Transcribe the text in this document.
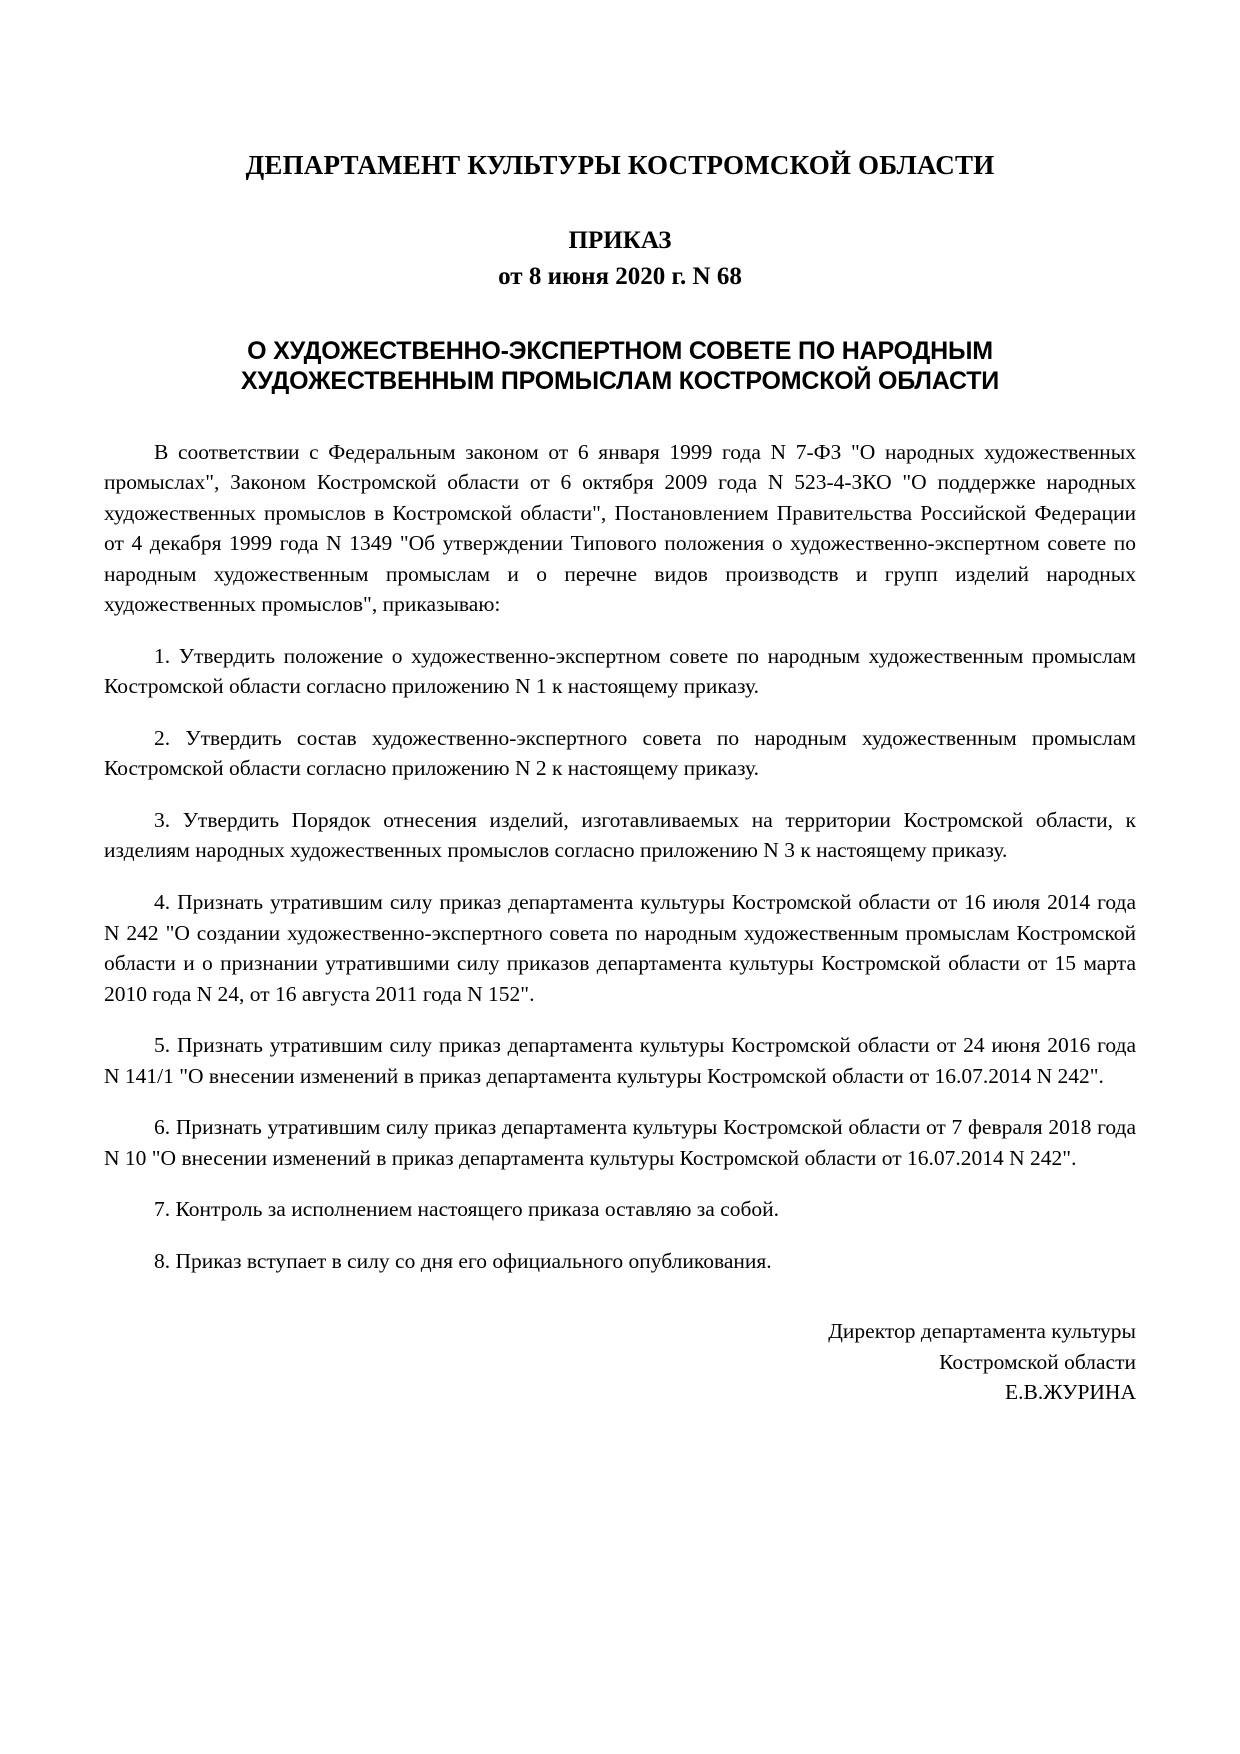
ДЕПАРТАМЕНТ КУЛЬТУРЫ КОСТРОМСКОЙ ОБЛАСТИ
ПРИКАЗ
от 8 июня 2020 г. N 68
О ХУДОЖЕСТВЕННО-ЭКСПЕРТНОМ СОВЕТЕ ПО НАРОДНЫМ
ХУДОЖЕСТВЕННЫМ ПРОМЫСЛАМ КОСТРОМСКОЙ ОБЛАСТИ

В соответствии с Федеральным законом от 6 января 1999 года N 7-ФЗ "О народных художественных промыслах", Законом Костромской области от 6 октября 2009 года N 523-4-ЗКО "О поддержке народных художественных промыслов в Костромской области", Постановлением Правительства Российской Федерации от 4 декабря 1999 года N 1349 "Об утверждении Типового положения о художественно-экспертном совете по народным художественным промыслам и о перечне видов производств и групп изделий народных художественных промыслов", приказываю:

1. Утвердить положение о художественно-экспертном совете по народным художественным промыслам Костромской области согласно приложению N 1 к настоящему приказу.

2. Утвердить состав художественно-экспертного совета по народным художественным промыслам Костромской области согласно приложению N 2 к настоящему приказу.

3. Утвердить Порядок отнесения изделий, изготавливаемых на территории Костромской области, к изделиям народных художественных промыслов согласно приложению N 3 к настоящему приказу.

4. Признать утратившим силу приказ департамента культуры Костромской области от 16 июля 2014 года N 242 "О создании художественно-экспертного совета по народным художественным промыслам Костромской области и о признании утратившими силу приказов департамента культуры Костромской области от 15 марта 2010 года N 24, от 16 августа 2011 года N 152".

5. Признать утратившим силу приказ департамента культуры Костромской области от 24 июня 2016 года N 141/1 "О внесении изменений в приказ департамента культуры Костромской области от 16.07.2014 N 242".

6. Признать утратившим силу приказ департамента культуры Костромской области от 7 февраля 2018 года N 10 "О внесении изменений в приказ департамента культуры Костромской области от 16.07.2014 N 242".

7. Контроль за исполнением настоящего приказа оставляю за собой.

8. Приказ вступает в силу со дня его официального опубликования.

Директор департамента культуры
Костромской области
Е.В.ЖУРИНА
